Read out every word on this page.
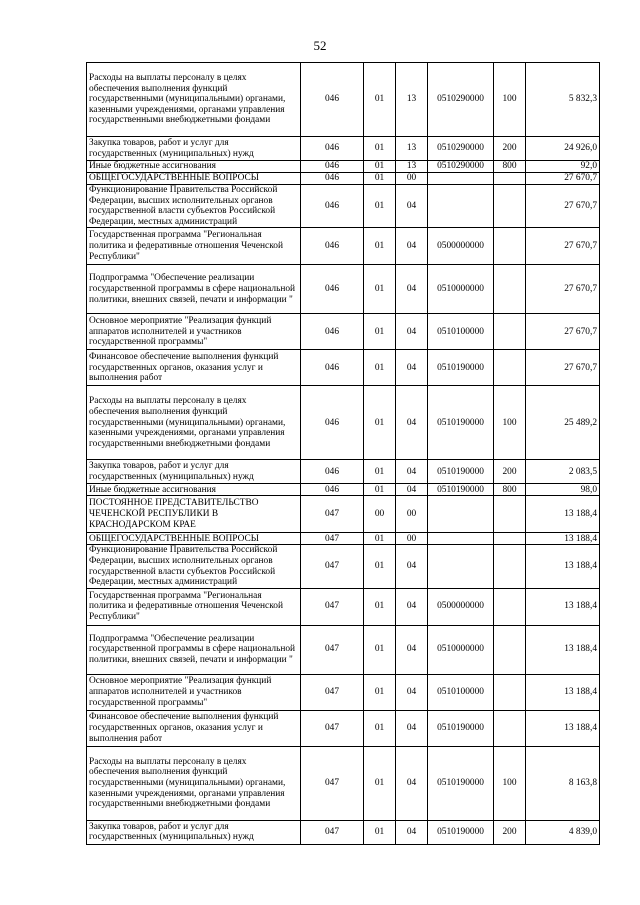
52
Расходы на выплаты персоналу в целях обеспечения выполнения функций государственными (муниципальными) органами, казенными учреждениями, органами управления государственными внебюджетными фондами	046	01	13	0510290000	100	5 832,3
Закупка товаров, работ и услуг для государственных (муниципальных) нужд	046	01	13	0510290000	200	24 926,0
Иные бюджетные ассигнования	046	01	13	0510290000	800	92,0
ОБЩЕГОСУДАРСТВЕННЫЕ ВОПРОСЫ	046	01	00			27 670,7
Функционирование Правительства Российской Федерации, высших исполнительных органов государственной власти субъектов Российской Федерации, местных администраций	046	01	04			27 670,7
Государственная программа "Региональная политика и федеративные отношения Чеченской Республики"	046	01	04	0500000000		27 670,7
Подпрограмма "Обеспечение реализации государственной программы в сфере национальной политики, внешних связей, печати и информации "	046	01	04	0510000000		27 670,7
Основное мероприятие "Реализация функций аппаратов исполнителей и участников государственной программы"	046	01	04	0510100000		27 670,7
Финансовое обеспечение выполнения функций государственных органов, оказания услуг и выполнения работ	046	01	04	0510190000		27 670,7
Расходы на выплаты персоналу в целях обеспечения выполнения функций государственными (муниципальными) органами, казенными учреждениями, органами управления государственными внебюджетными фондами	046	01	04	0510190000	100	25 489,2
Закупка товаров, работ и услуг для государственных (муниципальных) нужд	046	01	04	0510190000	200	2 083,5
Иные бюджетные ассигнования	046	01	04	0510190000	800	98,0
ПОСТОЯННОЕ ПРЕДСТАВИТЕЛЬСТВО ЧЕЧЕНСКОЙ РЕСПУБЛИКИ В КРАСНОДАРСКОМ КРАЕ	047	00	00			13 188,4
ОБЩЕГОСУДАРСТВЕННЫЕ ВОПРОСЫ	047	01	00			13 188,4
Функционирование Правительства Российской Федерации, высших исполнительных органов государственной власти субъектов Российской Федерации, местных администраций	047	01	04			13 188,4
Государственная программа "Региональная политика и федеративные отношения Чеченской Республики"	047	01	04	0500000000		13 188,4
Подпрограмма "Обеспечение реализации государственной программы в сфере национальной политики, внешних связей, печати и информации "	047	01	04	0510000000		13 188,4
Основное мероприятие "Реализация функций аппаратов исполнителей и участников государственной программы"	047	01	04	0510100000		13 188,4
Финансовое обеспечение выполнения функций государственных органов, оказания услуг и выполнения работ	047	01	04	0510190000		13 188,4
Расходы на выплаты персоналу в целях обеспечения выполнения функций государственными (муниципальными) органами, казенными учреждениями, органами управления государственными внебюджетными фондами	047	01	04	0510190000	100	8 163,8
Закупка товаров, работ и услуг для государственных (муниципальных) нужд	047	01	04	0510190000	200	4 839,0
